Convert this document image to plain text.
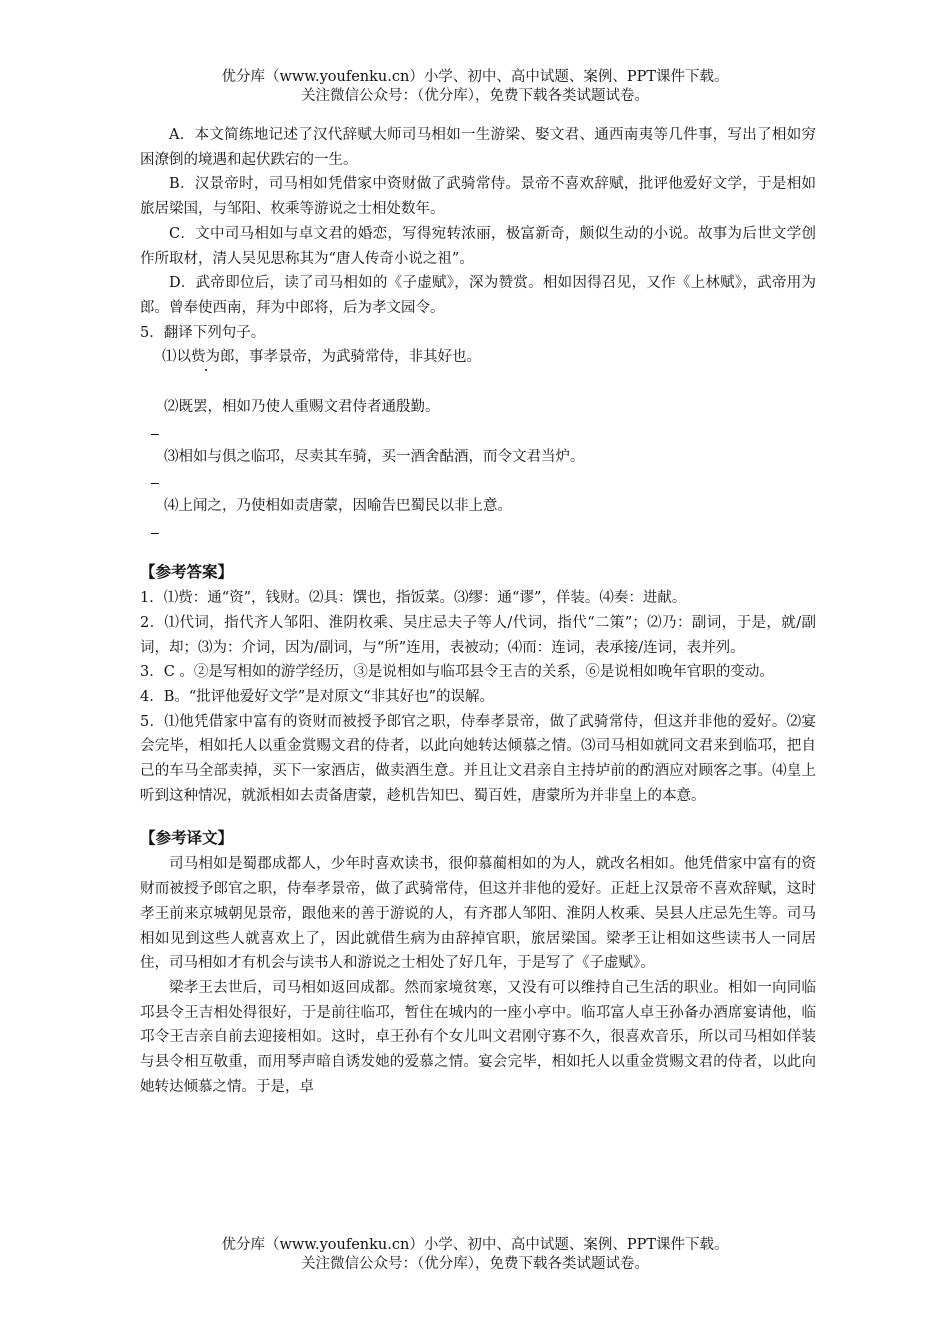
优分库（www.youfenku.cn）小学、初中、高中试题、案例、PPT课件下载。
关注微信公众号：（优分库），免费下载各类试题试卷。

A．本文简练地记述了汉代辞赋大师司马相如一生游梁、娶文君、通西南夷等几件事，写出了相如穷困潦倒的境遇和起伏跌宕的一生。

B．汉景帝时，司马相如凭借家中资财做了武骑常侍。景帝不喜欢辞赋，批评他爱好文学，于是相如旅居梁国，与邹阳、枚乘等游说之士相处数年。

C．文中司马相如与卓文君的婚恋，写得宛转浓丽，极富新奇，颇似生动的小说。故事为后世文学创作所取材，清人吴见思称其为“唐人传奇小说之祖”。

D．武帝即位后，读了司马相如的《子虚赋》，深为赞赏。相如因得召见，又作《上林赋》，武帝用为郎。曾奉使西南，拜为中郎将，后为孝文园令。

5．翻译下列句子。

⑴以赀为郎，事孝景帝，为武骑常侍，非其好也。

⑵既罢，相如乃使人重赐文君侍者通殷勤。

⑶相如与俱之临邛，尽卖其车骑，买一酒舍酤酒，而令文君当炉。

⑷上闻之，乃使相如责唐蒙，因喻告巴蜀民以非上意。

【参考答案】

1．⑴赀：通“资”，钱财。⑵具：馔也，指饭菜。⑶缪：通“谬”，佯装。⑷奏：进献。

2．⑴代词，指代齐人邹阳、淮阴枚乘、吴庄忌夫子等人/代词，指代“二策”；⑵乃：副词，于是，就/副词，却；⑶为：介词，因为/副词，与“所”连用，表被动；⑷而：连词，表承接/连词，表并列。

3．C 。②是写相如的游学经历，③是说相如与临邛县令王吉的关系，⑥是说相如晚年官职的变动。

4．B。“批评他爱好文学”是对原文“非其好也”的误解。

5．⑴他凭借家中富有的资财而被授予郎官之职，侍奉孝景帝，做了武骑常侍，但这并非他的爱好。⑵宴会完毕，相如托人以重金赏赐文君的侍者，以此向她转达倾慕之情。⑶司马相如就同文君来到临邛，把自己的车马全部卖掉，买下一家酒店，做卖酒生意。并且让文君亲自主持垆前的酌酒应对顾客之事。⑷皇上听到这种情况，就派相如去责备唐蒙，趁机告知巴、蜀百姓，唐蒙所为并非皇上的本意。

【参考译文】

司马相如是蜀郡成都人，少年时喜欢读书，很仰慕蔺相如的为人，就改名相如。他凭借家中富有的资财而被授予郎官之职，侍奉孝景帝，做了武骑常侍，但这并非他的爱好。正赶上汉景帝不喜欢辞赋，这时孝王前来京城朝见景帝，跟他来的善于游说的人，有齐郡人邹阳、淮阴人枚乘、吴县人庄忌先生等。司马相如见到这些人就喜欢上了，因此就借生病为由辞掉官职，旅居梁国。梁孝王让相如这些读书人一同居住，司马相如才有机会与读书人和游说之士相处了好几年，于是写了《子虚赋》。

梁孝王去世后，司马相如返回成都。然而家境贫寒，又没有可以维持自己生活的职业。相如一向同临邛县令王吉相处得很好，于是前往临邛，暂住在城内的一座小亭中。临邛富人卓王孙备办酒席宴请他，临邛令王吉亲自前去迎接相如。这时，卓王孙有个女儿叫文君刚守寡不久，很喜欢音乐，所以司马相如佯装与县令相互敬重，而用琴声暗自诱发她的爱慕之情。宴会完毕，相如托人以重金赏赐文君的侍者，以此向她转达倾慕之情。于是，卓

优分库（www.youfenku.cn）小学、初中、高中试题、案例、PPT课件下载。
关注微信公众号：（优分库），免费下载各类试题试卷。
